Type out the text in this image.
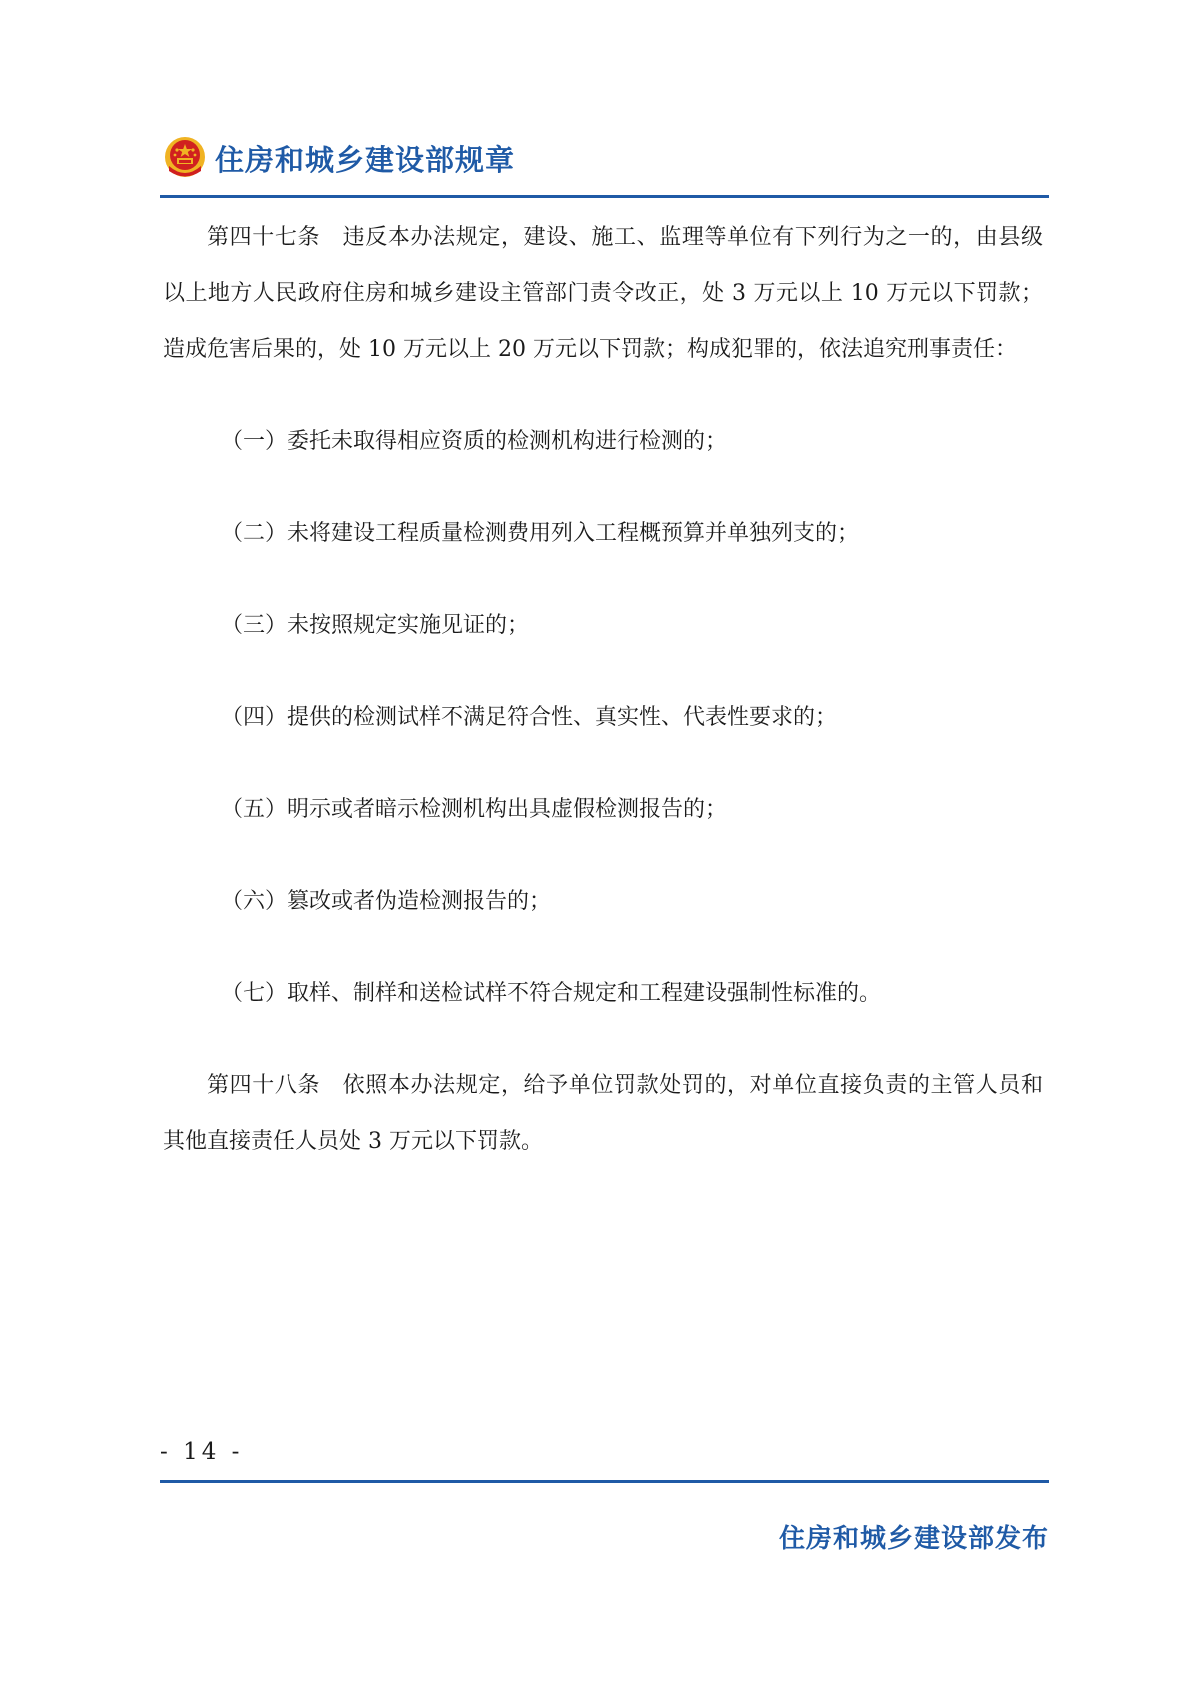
住房和城乡建设部规章

第四十七条 违反本办法规定，建设、施工、监理等单位有下列行为之一的，由县级以上地方人民政府住房和城乡建设主管部门责令改正，处 3 万元以上 10 万元以下罚款；造成危害后果的，处 10 万元以上 20 万元以下罚款；构成犯罪的，依法追究刑事责任：

（一）委托未取得相应资质的检测机构进行检测的；

（二）未将建设工程质量检测费用列入工程概预算并单独列支的；

（三）未按照规定实施见证的；

（四）提供的检测试样不满足符合性、真实性、代表性要求的；

（五）明示或者暗示检测机构出具虚假检测报告的；

（六）篡改或者伪造检测报告的；

（七）取样、制样和送检试样不符合规定和工程建设强制性标准的。

第四十八条 依照本办法规定，给予单位罚款处罚的，对单位直接负责的主管人员和其他直接责任人员处 3 万元以下罚款。

- 14 -
住房和城乡建设部发布
